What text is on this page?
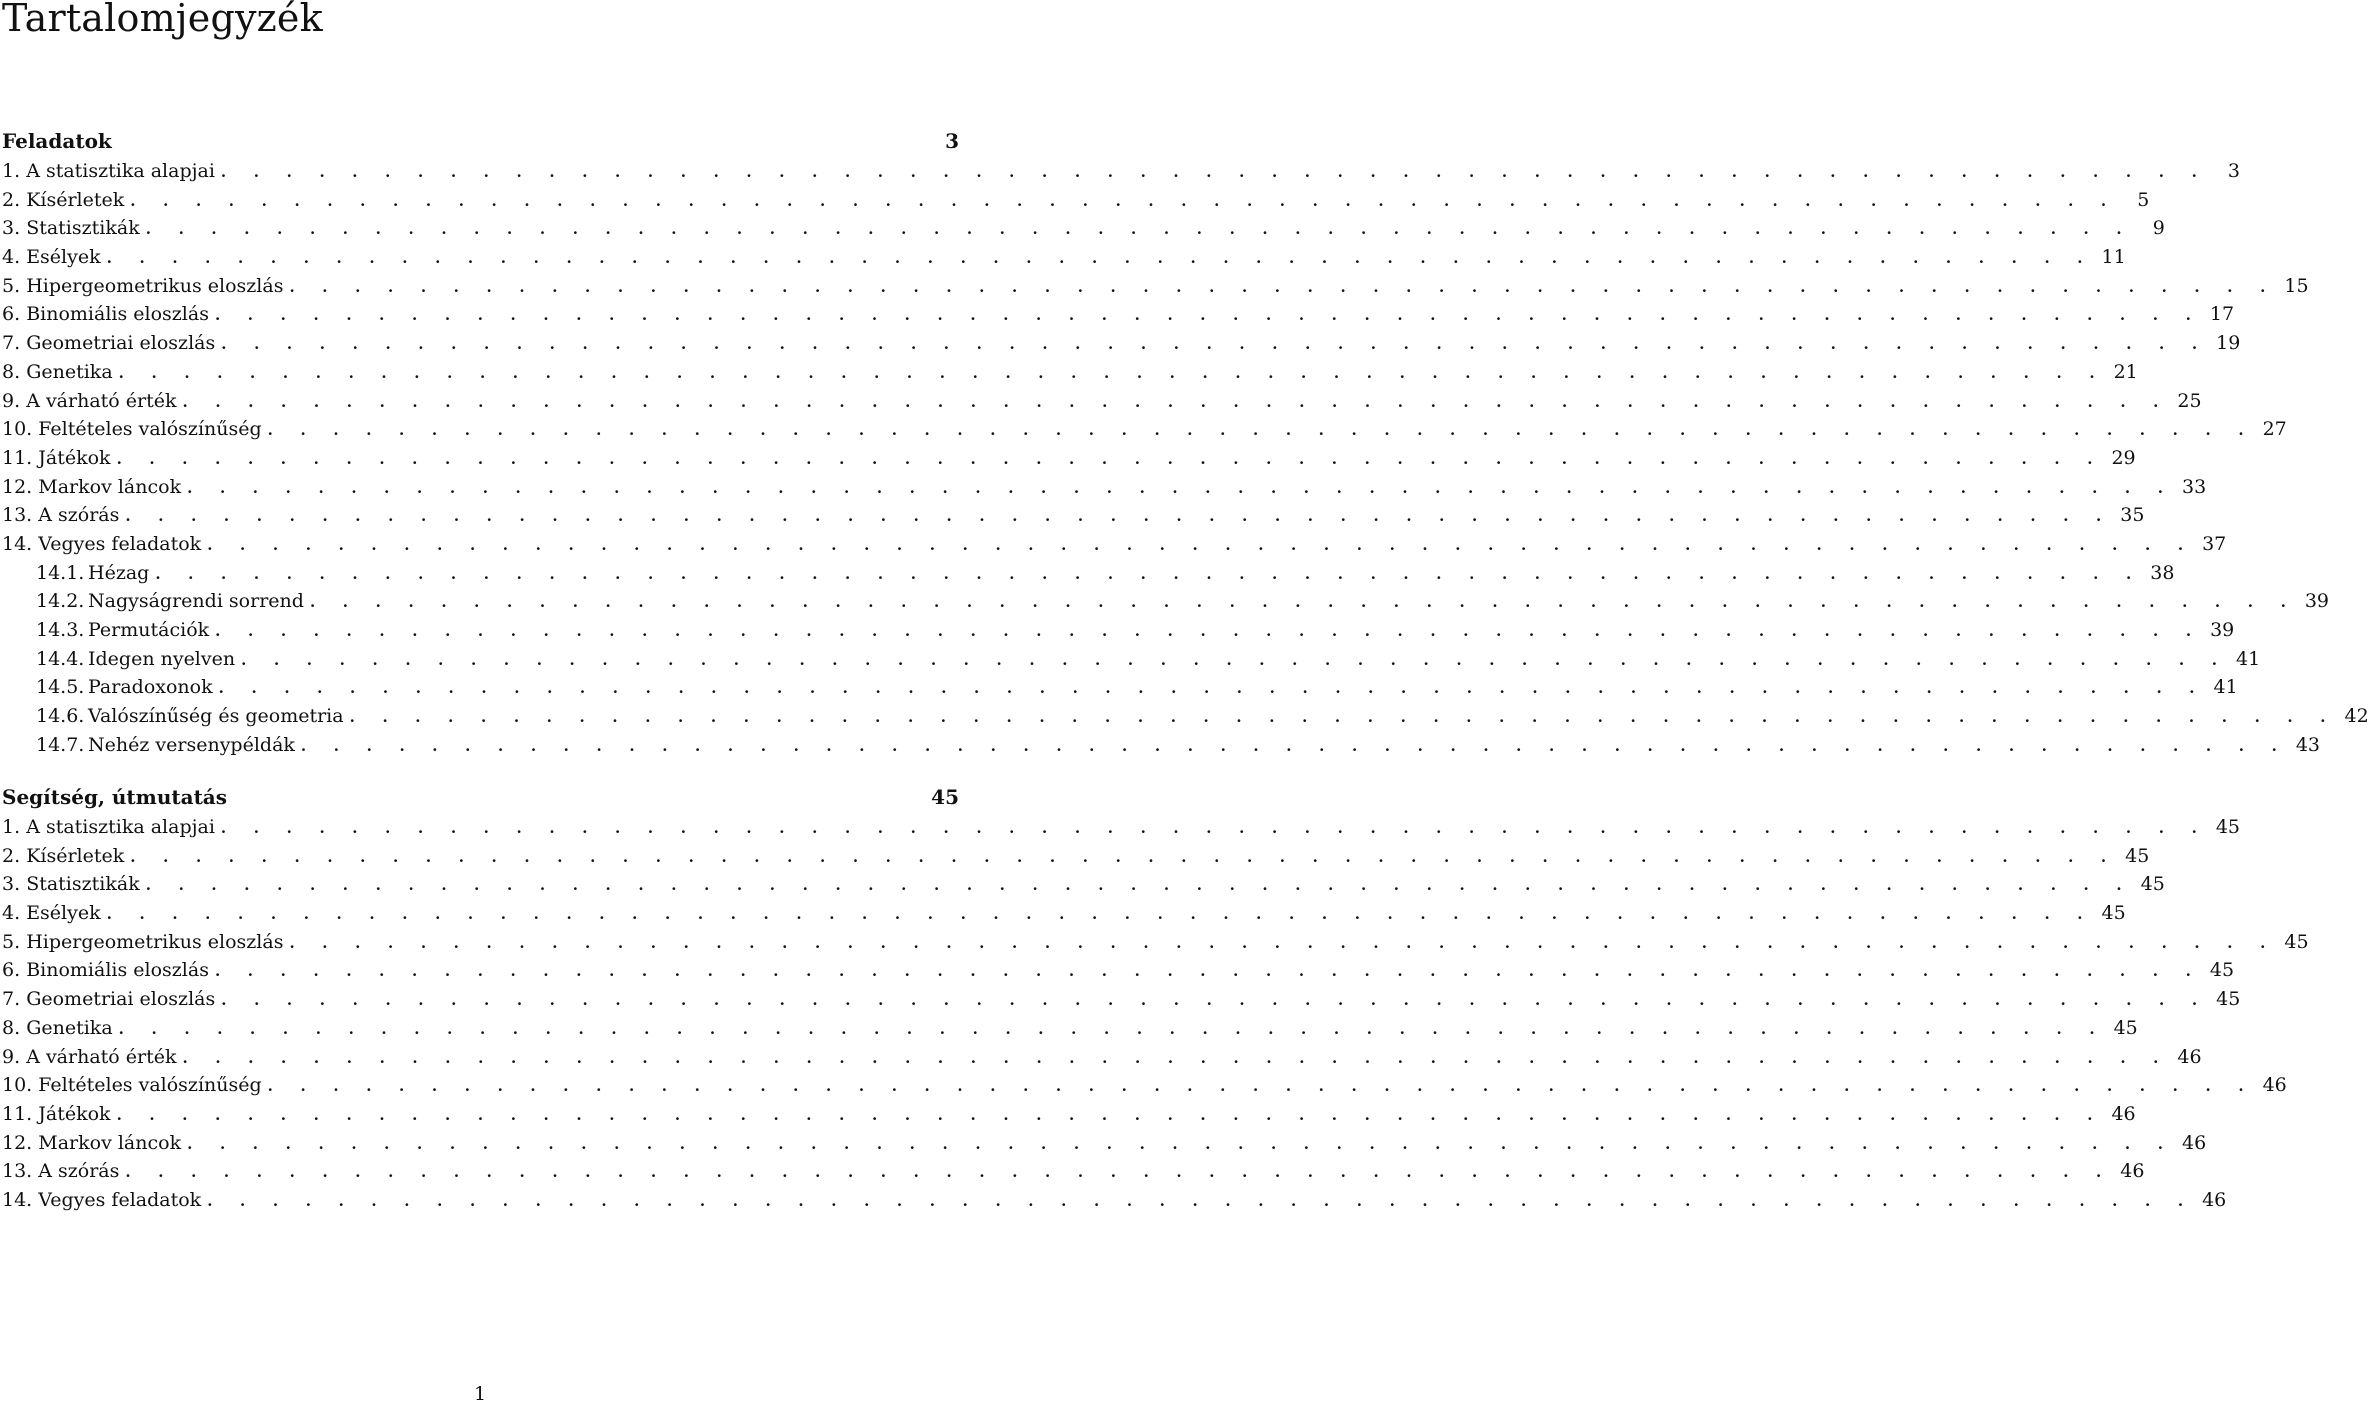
Tartalomjegyzék
Feladatok	3
1. A statisztika alapjai . . . . . . . . . . . . . . . . . . . . . . . . . . . . . . . . . . . . . . . . . . . . . . . . . . . . . . . . . . . . .	3
2. Kísérletek . . . . . . . . . . . . . . . . . . . . . . . . . . . . . . . . . . . . . . . . . . . . . . . . . . . . . . . . . . . . .	5
3. Statisztikák . . . . . . . . . . . . . . . . . . . . . . . . . . . . . . . . . . . . . . . . . . . . . . . . . . . . . . . . . . . . .	9
4. Esélyek . . . . . . . . . . . . . . . . . . . . . . . . . . . . . . . . . . . . . . . . . . . . . . . . . . . . . . . . . . . . . 11
5. Hipergeometrikus eloszlás . . . . . . . . . . . . . . . . . . . . . . . . . . . . . . . . . . . . . . . . . . . . . . . . . . . . . . . . . . . . . 15
6. Binomiális eloszlás . . . . . . . . . . . . . . . . . . . . . . . . . . . . . . . . . . . . . . . . . . . . . . . . . . . . . . . . . . . . . 17
7. Geometriai eloszlás . . . . . . . . . . . . . . . . . . . . . . . . . . . . . . . . . . . . . . . . . . . . . . . . . . . . . . . . . . . . . 19
8. Genetika . . . . . . . . . . . . . . . . . . . . . . . . . . . . . . . . . . . . . . . . . . . . . . . . . . . . . . . . . . . . . 21
9. A várható érték . . . . . . . . . . . . . . . . . . . . . . . . . . . . . . . . . . . . . . . . . . . . . . . . . . . . . . . . . . . . . 25
10. Feltételes valószínűség . . . . . . . . . . . . . . . . . . . . . . . . . . . . . . . . . . . . . . . . . . . . . . . . . . . . . . . . . . . . . 27
11. Játékok . . . . . . . . . . . . . . . . . . . . . . . . . . . . . . . . . . . . . . . . . . . . . . . . . . . . . . . . . . . . . 29
12. Markov láncok . . . . . . . . . . . . . . . . . . . . . . . . . . . . . . . . . . . . . . . . . . . . . . . . . . . . . . . . . . . . . 33
13. A szórás . . . . . . . . . . . . . . . . . . . . . . . . . . . . . . . . . . . . . . . . . . . . . . . . . . . . . . . . . . . . . 35
14. Vegyes feladatok . . . . . . . . . . . . . . . . . . . . . . . . . . . . . . . . . . . . . . . . . . . . . . . . . . . . . . . . . . . . . 37
14.1. Hézag . . . . . . . . . . . . . . . . . . . . . . . . . . . . . . . . . . . . . . . . . . . . . . . . . . . . . . . . . . . . . 38
14.2. Nagyságrendi sorrend . . . . . . . . . . . . . . . . . . . . . . . . . . . . . . . . . . . . . . . . . . . . . . . . . . . . . . . . . . . . . 39
14.3. Permutációk . . . . . . . . . . . . . . . . . . . . . . . . . . . . . . . . . . . . . . . . . . . . . . . . . . . . . . . . . . . . . 39
14.4. Idegen nyelven . . . . . . . . . . . . . . . . . . . . . . . . . . . . . . . . . . . . . . . . . . . . . . . . . . . . . . . . . . . . . 41
14.5. Paradoxonok . . . . . . . . . . . . . . . . . . . . . . . . . . . . . . . . . . . . . . . . . . . . . . . . . . . . . . . . . . . . . 41
14.6. Valószínűség és geometria . . . . . . . . . . . . . . . . . . . . . . . . . . . . . . . . . . . . . . . . . . . . . . . . . . . . . . . . . . . . . 42
14.7. Nehéz versenypéldák . . . . . . . . . . . . . . . . . . . . . . . . . . . . . . . . . . . . . . . . . . . . . . . . . . . . . . . . . . . . . 43
Segítség, útmutatás	45
1. A statisztika alapjai . . . . . . . . . . . . . . . . . . . . . . . . . . . . . . . . . . . . . . . . . . . . . . . . . . . . . . . . . . . . . 45
2. Kísérletek . . . . . . . . . . . . . . . . . . . . . . . . . . . . . . . . . . . . . . . . . . . . . . . . . . . . . . . . . . . . . 45
3. Statisztikák . . . . . . . . . . . . . . . . . . . . . . . . . . . . . . . . . . . . . . . . . . . . . . . . . . . . . . . . . . . . . 45
4. Esélyek . . . . . . . . . . . . . . . . . . . . . . . . . . . . . . . . . . . . . . . . . . . . . . . . . . . . . . . . . . . . . 45
5. Hipergeometrikus eloszlás . . . . . . . . . . . . . . . . . . . . . . . . . . . . . . . . . . . . . . . . . . . . . . . . . . . . . . . . . . . . . 45
6. Binomiális eloszlás . . . . . . . . . . . . . . . . . . . . . . . . . . . . . . . . . . . . . . . . . . . . . . . . . . . . . . . . . . . . . 45
7. Geometriai eloszlás . . . . . . . . . . . . . . . . . . . . . . . . . . . . . . . . . . . . . . . . . . . . . . . . . . . . . . . . . . . . . 45
8. Genetika . . . . . . . . . . . . . . . . . . . . . . . . . . . . . . . . . . . . . . . . . . . . . . . . . . . . . . . . . . . . . 45
9. A várható érték . . . . . . . . . . . . . . . . . . . . . . . . . . . . . . . . . . . . . . . . . . . . . . . . . . . . . . . . . . . . . 46
10. Feltételes valószínűség . . . . . . . . . . . . . . . . . . . . . . . . . . . . . . . . . . . . . . . . . . . . . . . . . . . . . . . . . . . . . 46
11. Játékok . . . . . . . . . . . . . . . . . . . . . . . . . . . . . . . . . . . . . . . . . . . . . . . . . . . . . . . . . . . . . 46
12. Markov láncok . . . . . . . . . . . . . . . . . . . . . . . . . . . . . . . . . . . . . . . . . . . . . . . . . . . . . . . . . . . . . 46
13. A szórás . . . . . . . . . . . . . . . . . . . . . . . . . . . . . . . . . . . . . . . . . . . . . . . . . . . . . . . . . . . . . 46
14. Vegyes feladatok . . . . . . . . . . . . . . . . . . . . . . . . . . . . . . . . . . . . . . . . . . . . . . . . . . . . . . . . . . . . . 46
1
